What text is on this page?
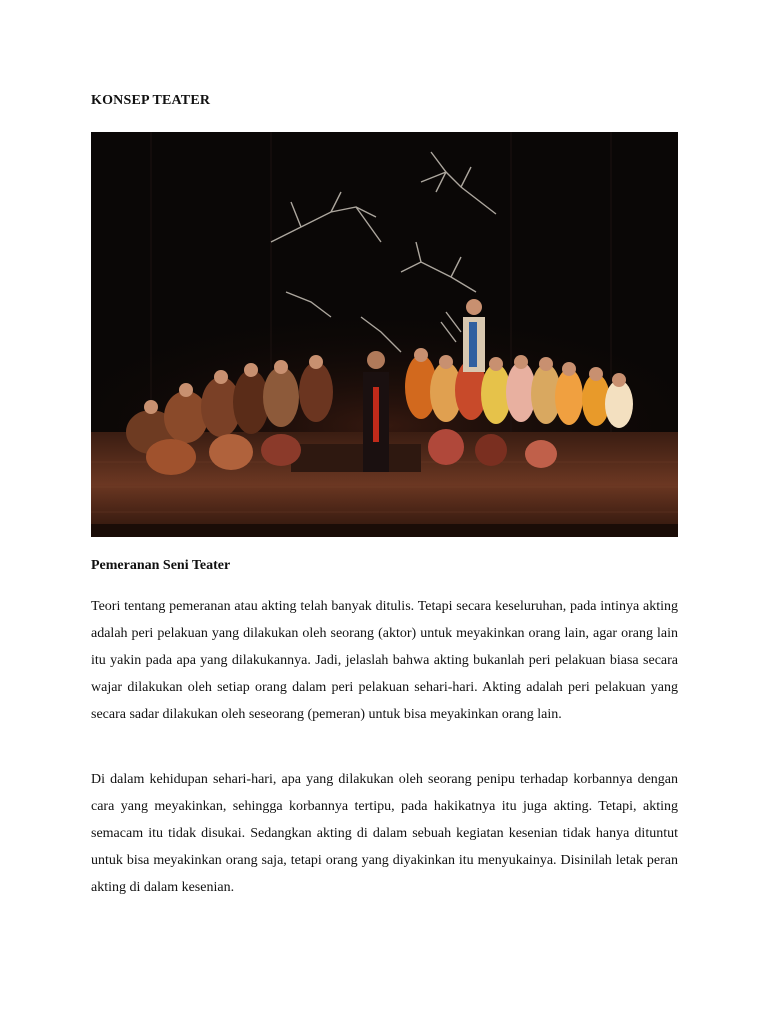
KONSEP TEATER
Pemeranan Seni Teater

Teori tentang pemeranan atau akting telah banyak ditulis. Tetapi secara keseluruhan, pada intinya akting adalah peri pelakuan yang dilakukan oleh seorang (aktor) untuk meyakinkan orang lain, agar orang lain itu yakin pada apa yang dilakukannya. Jadi, jelaslah bahwa akting bukanlah peri pelakuan biasa secara wajar dilakukan oleh setiap orang dalam peri pelakuan sehari-hari. Akting adalah peri pelakuan yang secara sadar dilakukan oleh seseorang (pemeran) untuk bisa meyakinkan orang lain.

Di dalam kehidupan sehari-hari, apa yang dilakukan oleh seorang penipu terhadap korbannya dengan cara yang meyakinkan, sehingga korbannya tertipu, pada hakikatnya itu juga akting. Tetapi, akting semacam itu tidak disukai. Sedangkan akting di dalam sebuah kegiatan kesenian tidak hanya dituntut untuk bisa meyakinkan orang saja, tetapi orang yang diyakinkan itu menyukainya. Disinilah letak peran akting di dalam kesenian.
